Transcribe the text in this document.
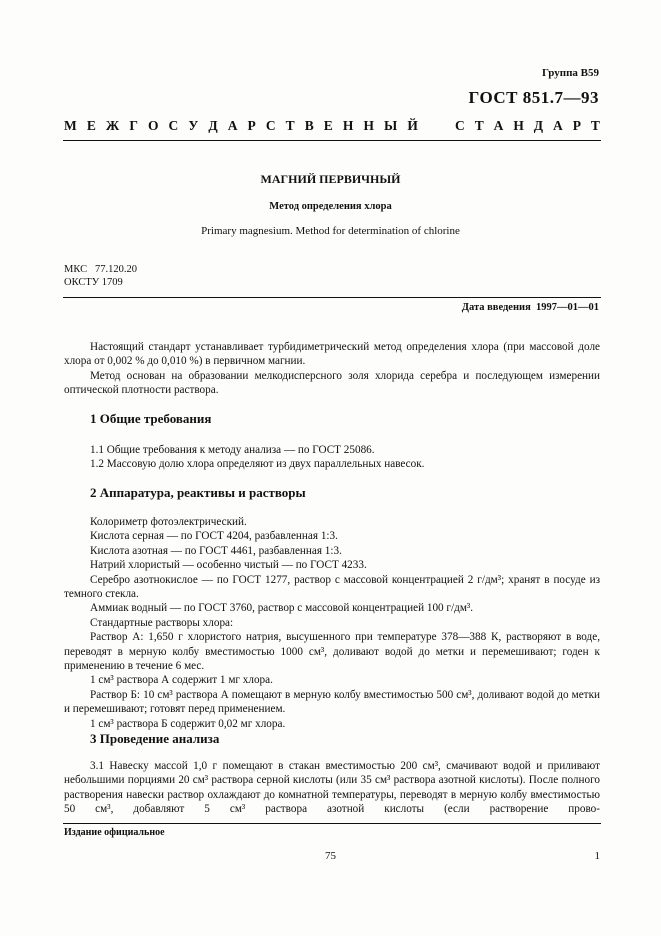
Группа В59
ГОСТ 851.7—93
М Е Ж Г О С У Д А Р С Т В Е Н Н Ы Й	С Т А Н Д А Р Т
МАГНИЙ ПЕРВИЧНЫЙ
Метод определения хлора
Primary magnesium. Method for determination of chlorine
МКС   77.120.20
ОКСТУ 1709
Дата введения  1997—01—01

Настоящий стандарт устанавливает турбидиметрический метод определения хлора (при массовой доле хлора от 0,002 % до 0,010 %) в первичном магнии.

Метод основан на образовании мелкодисперсного золя хлорида серебра и последующем измерении оптической плотности раствора.

1 Общие требования

1.1 Общие требования к методу анализа — по ГОСТ 25086.

1.2 Массовую долю хлора определяют из двух параллельных навесок.

2 Аппаратура, реактивы и растворы

Колориметр фотоэлектрический.

Кислота серная — по ГОСТ 4204, разбавленная 1:3.

Кислота азотная — по ГОСТ 4461, разбавленная 1:3.

Натрий хлористый — особенно чистый — по ГОСТ 4233.

Серебро азотнокислое — по ГОСТ 1277, раствор с массовой концентрацией 2 г/дм³; хранят в посуде из темного стекла.

Аммиак водный — по ГОСТ 3760, раствор с массовой концентрацией 100 г/дм³.

Стандартные растворы хлора:

Раствор А: 1,650 г хлористого натрия, высушенного при температуре 378—388 К, растворяют в воде, переводят в мерную колбу вместимостью 1000 см³, доливают водой до метки и перемешивают; годен к применению в течение 6 мес.

1 см³ раствора А содержит 1 мг хлора.

Раствор Б: 10 см³ раствора А помещают в мерную колбу вместимостью 500 см³, доливают водой до метки и перемешивают; готовят перед применением.

1 см³ раствора Б содержит 0,02 мг хлора.

3 Проведение анализа

3.1 Навеску массой 1,0 г помещают в стакан вместимостью 200 см³, смачивают водой и приливают небольшими порциями 20 см³ раствора серной кислоты (или 35 см³ раствора азотной кислоты). После полного растворения навески раствор охлаждают до комнатной температуры, переводят в мерную колбу вместимостью 50 см³, добавляют 5 см³ раствора азотной кислоты (если растворение прово-

Издание официальное
75	1
